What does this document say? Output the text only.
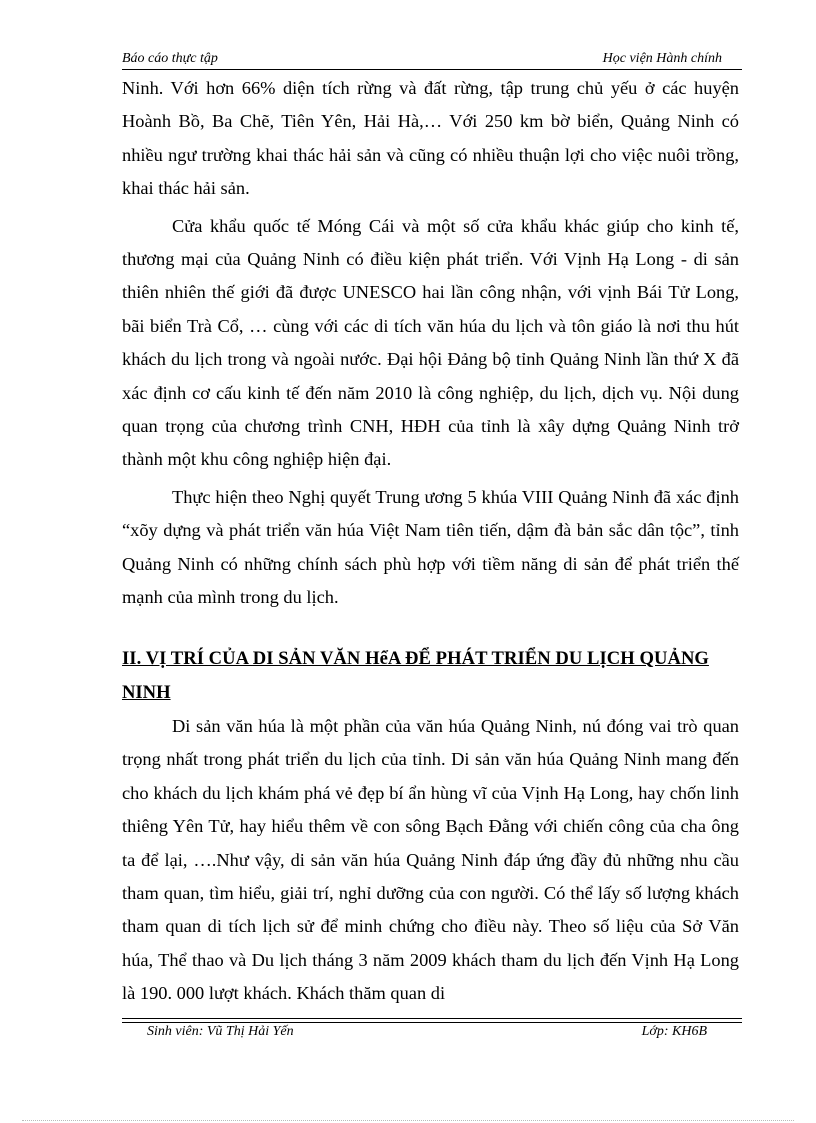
Báo cáo thực tập	Học viện Hành chính

Ninh. Với hơn 66% diện tích rừng và đất rừng, tập trung chủ yếu ở các huyện Hoành Bồ, Ba Chẽ, Tiên Yên, Hải Hà,… Với 250 km bờ biển, Quảng Ninh có nhiều ngư trường khai thác hải sản và cũng có nhiều thuận lợi cho việc nuôi trồng, khai thác hải sản.

Cửa khẩu quốc tế Móng Cái và một số cửa khẩu khác giúp cho kinh tế, thương mại của Quảng Ninh có điều kiện phát triển. Với Vịnh Hạ Long - di sản thiên nhiên thế giới đã được UNESCO hai lần công nhận, với vịnh Bái Tử Long, bãi biển Trà Cổ, … cùng với các di tích văn húa du lịch và tôn giáo là nơi thu hút khách du lịch trong và ngoài nước. Đại hội Đảng bộ tỉnh Quảng Ninh lần thứ X đã xác định cơ cấu kinh tế đến năm 2010 là công nghiệp, du lịch, dịch vụ. Nội dung quan trọng của chương trình CNH, HĐH của tỉnh là xây dựng Quảng Ninh trở thành một khu công nghiệp hiện đại.

Thực hiện theo Nghị quyết Trung ương 5 khúa VIII Quảng Ninh đã xác định “xõy dựng và phát triển văn húa Việt Nam tiên tiến, dậm đà bản sắc dân tộc”, tỉnh Quảng Ninh có những chính sách phù hợp với tiềm năng di sản để phát triển thế mạnh của mình trong du lịch.

II. VỊ TRÍ CỦA DI SẢN VĂN HểA ĐỂ PHÁT TRIỂN DU LỊCH QUẢNG
NINH

Di sản văn húa là một phần của văn húa Quảng Ninh, nú đóng vai trò quan trọng nhất trong phát triển du lịch của tỉnh. Di sản văn húa Quảng Ninh mang đến cho khách du lịch khám phá vẻ đẹp bí ẩn hùng vĩ của Vịnh Hạ Long, hay chốn linh thiêng Yên Tử, hay hiểu thêm về con sông Bạch Đằng với chiến công của cha ông ta để lại, ….Như vậy, di sản văn húa Quảng Ninh đáp ứng đầy đủ những nhu cầu tham quan, tìm hiểu, giải trí, nghỉ dưỡng của con người. Có thể lấy số lượng khách tham quan di tích lịch sử để minh chứng cho điều này. Theo số liệu của Sở Văn húa, Thể thao và Du lịch tháng 3 năm 2009 khách tham du lịch đến Vịnh Hạ Long là 190. 000 lượt khách. Khách thăm quan di

Sinh viên: Vũ Thị Hải Yến	Lớp: KH6B
